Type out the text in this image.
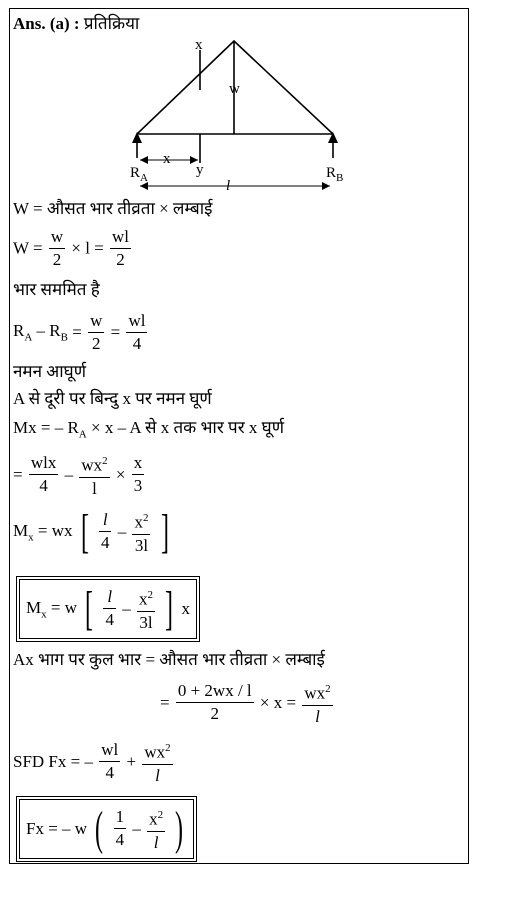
Ans. (a) : प्रतिक्रिया
x
w
$R_A$	$R_B$
x
y
l
W = औसत भार तीव्रता × लम्बाई
$W = \frac{w}{2} \times l = \frac{wl}{2}$
भार सममित है
$R_A - R_B = \frac{w}{2} = \frac{wl}{4}$
नमन आघूर्ण
A से दूरी पर बिन्दु x पर नमन घूर्ण
Mx = – $R_A \times x - A$ से x तक भार पर x घूर्ण
= $\frac{\text{wlx}}{4} - \frac{wx^2}{l} \times \frac{x}{3}$
$M_x$ = wx [ $\frac{l}{4} - \frac{x^2}{3l}$ ]
$M_x = w$ [ $\frac{l}{4} - \frac{x^2}{3l}$ ] x
Ax भाग पर कुल भार = औसत भार तीव्रता × लम्बाई
= $\frac{0 + 2wx / l}{2} \times x = \frac{wx^2}{l}$
SFD Fx = – $\frac{wl}{4} + \frac{wx^2}{l}$
Fx = – w ( $\frac{1}{4} - \frac{x^2}{l}$ )
